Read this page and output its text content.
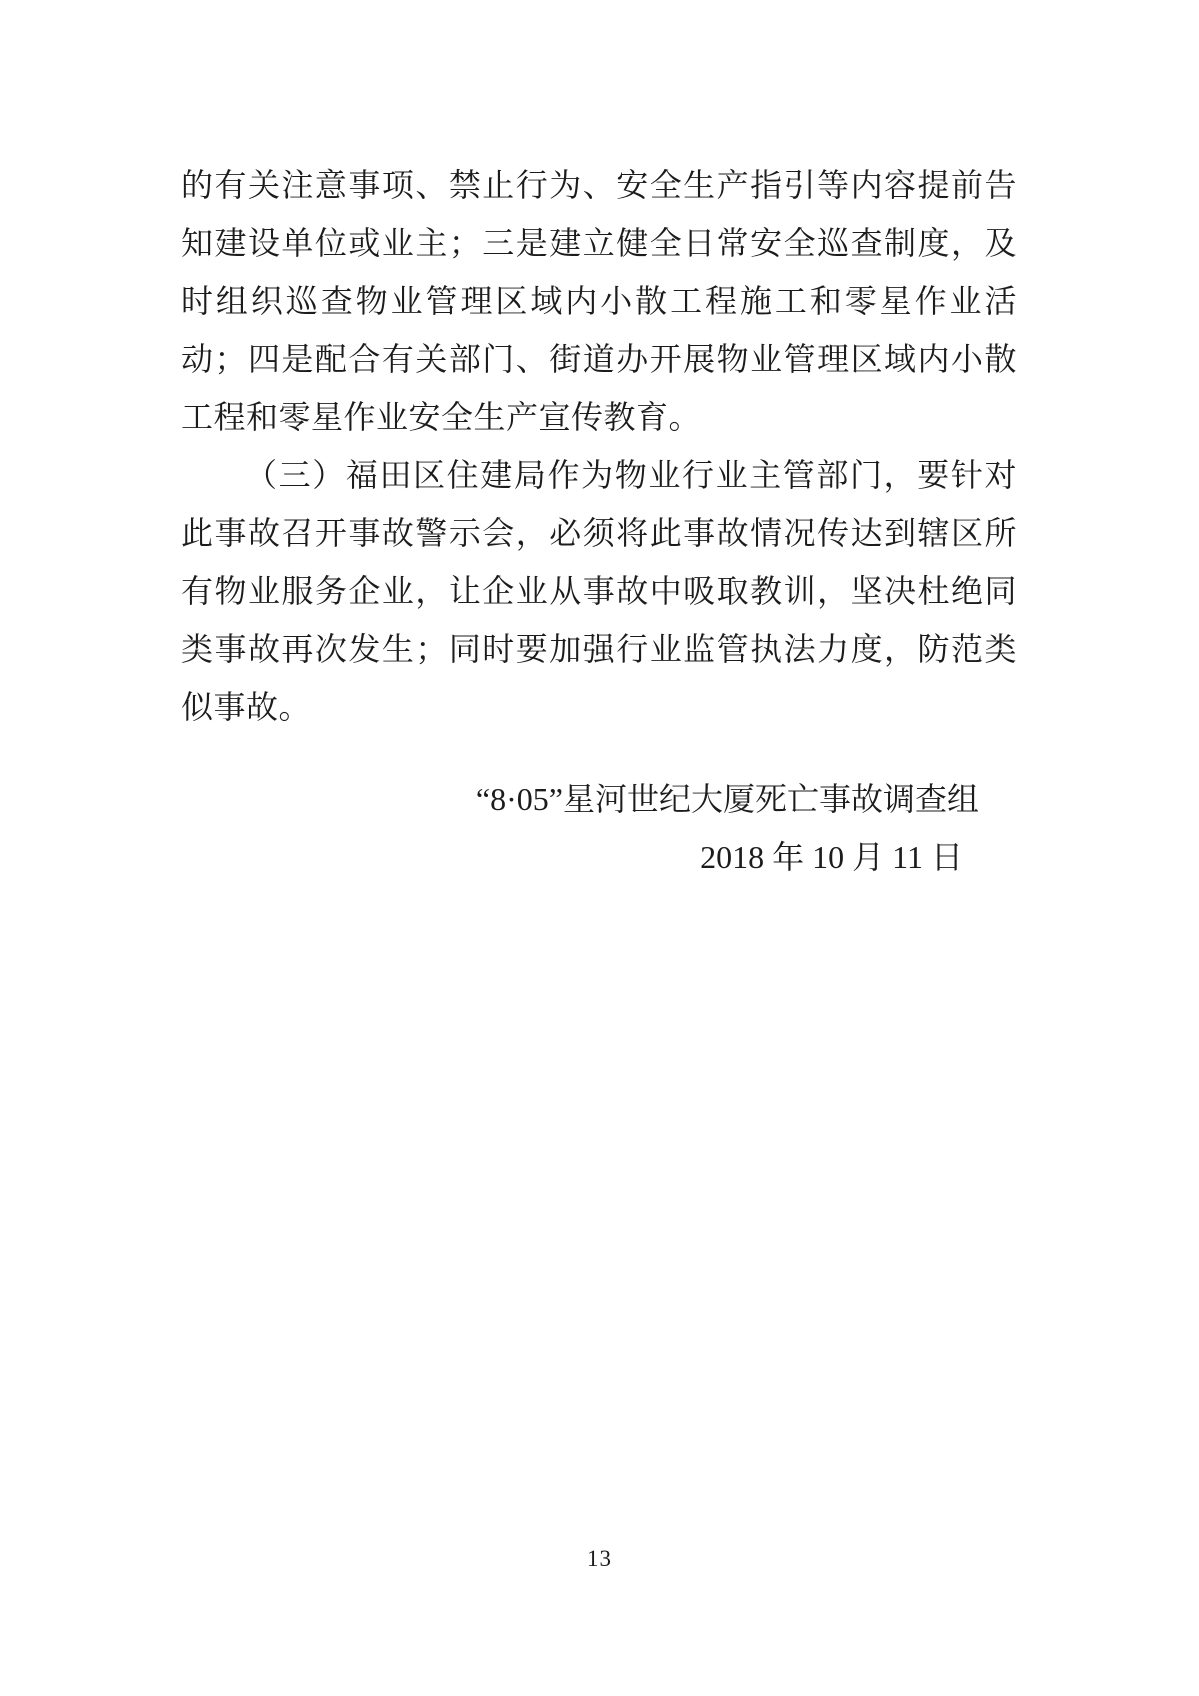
的有关注意事项、禁止行为、安全生产指引等内容提前告知建设单位或业主；三是建立健全日常安全巡查制度，及时组织巡查物业管理区域内小散工程施工和零星作业活动；四是配合有关部门、街道办开展物业管理区域内小散工程和零星作业安全生产宣传教育。

（三）福田区住建局作为物业行业主管部门，要针对此事故召开事故警示会，必须将此事故情况传达到辖区所有物业服务企业，让企业从事故中吸取教训，坚决杜绝同类事故再次发生；同时要加强行业监管执法力度，防范类似事故。

“8·05”星河世纪大厦死亡事故调查组
2018 年 10 月 11 日
13
